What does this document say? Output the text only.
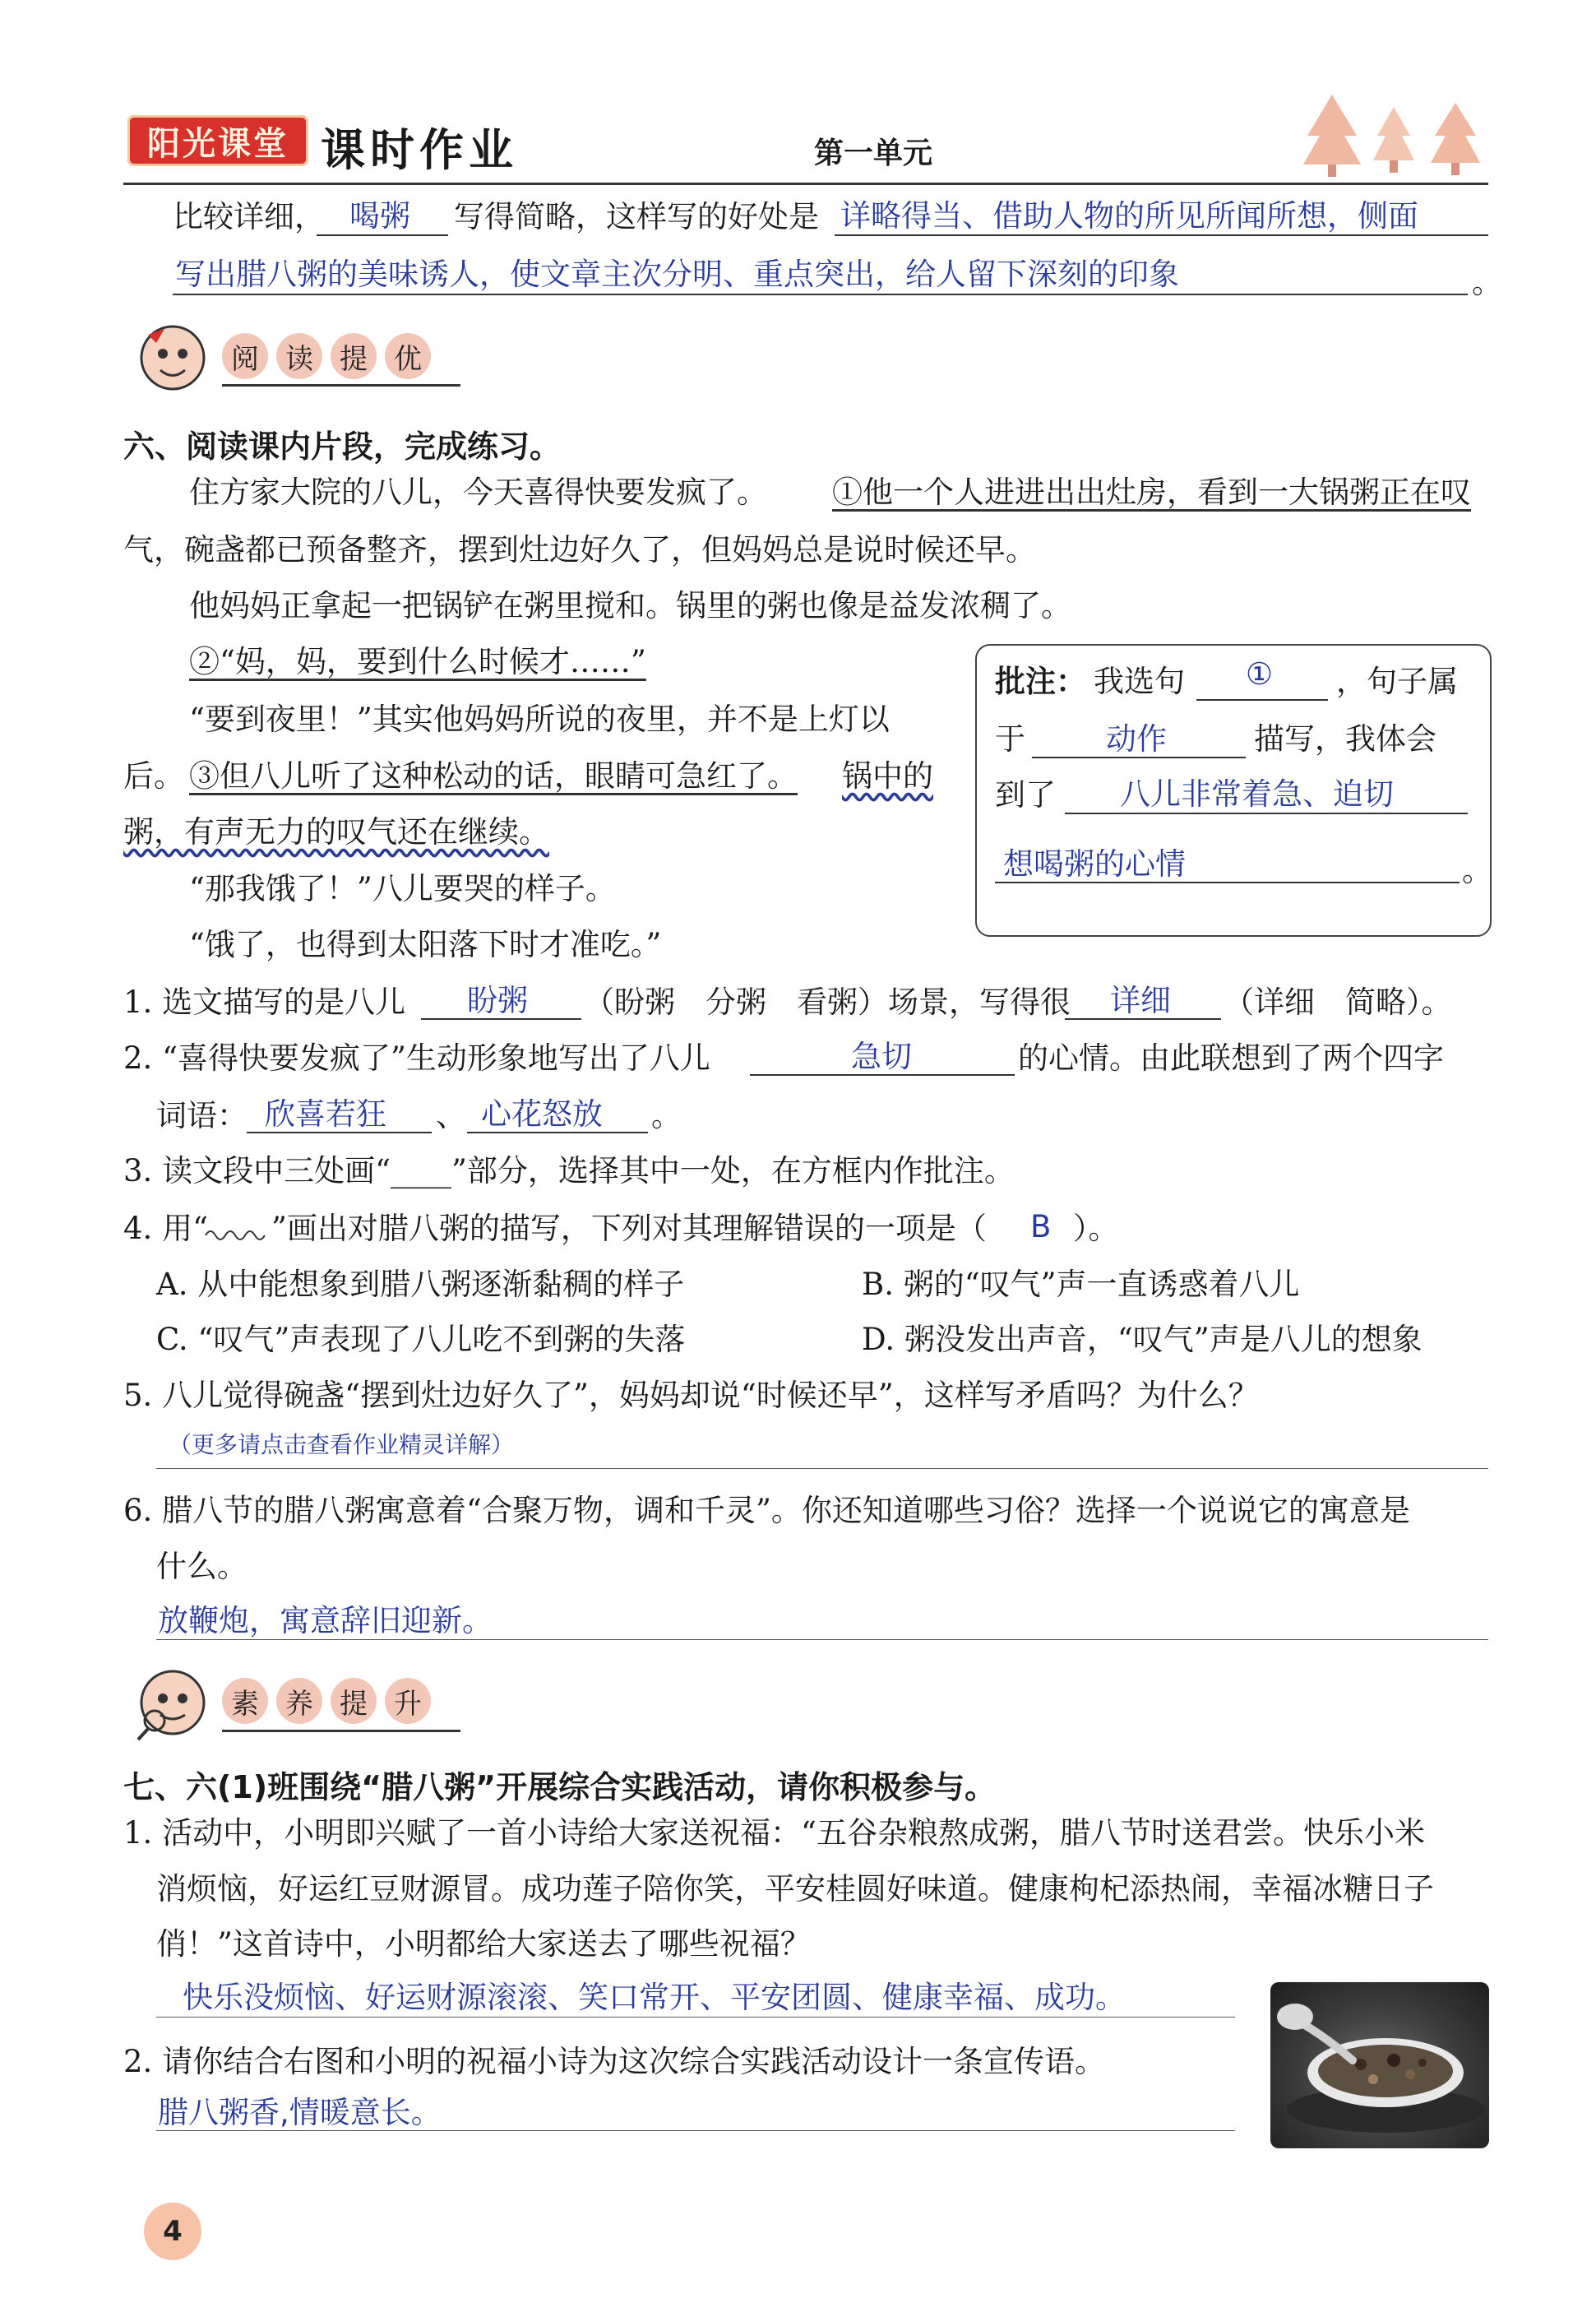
阳光课堂 课时作业	第一单元
比较详细， 喝粥 写得简略，这样写的好处是 详略得当、借助人物的所见所闻所想，侧面
写出腊八粥的美味诱人，使文章主次分明、重点突出，给人留下深刻的印象	。
阅 读 提 优
六、阅读课内片段，完成练习。
住方家大院的八儿，今天喜得快要发疯了。 ①他一个人进进出出灶房，看到一大锅粥正在叹
气，碗盏都已预备整齐，摆到灶边好久了，但妈妈总是说时候还早。
他妈妈正拿起一把锅铲在粥里搅和。锅里的粥也像是益发浓稠了。
②“妈，妈，要到什么时候才……”
“要到夜里！”其实他妈妈所说的夜里，并不是上灯以
后。 ③但八儿听了这种松动的话，眼睛可急红了。 锅中的
粥，有声无力的叹气还在继续。
“那我饿了！”八儿要哭的样子。
“饿了，也得到太阳落下时才准吃。”
批注： 我选句 ① ，句子属
于	动作	描写，我体会
到了 八儿非常着急、迫切
想喝粥的心情	。
1. 选文描写的是八儿 盼粥 （盼粥　分粥　看粥）场景，写得很 详细 （详细　简略）。
2. “喜得快要发疯了”生动形象地写出了八儿	急切	的心情。由此联想到了两个四字
词语： 欣喜若狂 、 心花怒放 。
3. 读文段中三处画“____”部分，选择其中一处，在方框内作批注。
4. 用“ ”画出对腊八粥的描写，下列对其理解错误的一项是（ B ）。
A. 从中能想象到腊八粥逐渐黏稠的样子	B. 粥的“叹气”声一直诱惑着八儿
C. “叹气”声表现了八儿吃不到粥的失落	D. 粥没发出声音，“叹气”声是八儿的想象
5. 八儿觉得碗盏“摆到灶边好久了”，妈妈却说“时候还早”，这样写矛盾吗？为什么？
（更多请点击查看作业精灵详解）
6. 腊八节的腊八粥寓意着“合聚万物，调和千灵”。你还知道哪些习俗？选择一个说说它的寓意是
什么。
放鞭炮，寓意辞旧迎新。
素 养 提 升
七、六(1)班围绕“腊八粥”开展综合实践活动，请你积极参与。
1. 活动中，小明即兴赋了一首小诗给大家送祝福：“五谷杂粮熬成粥，腊八节时送君尝。快乐小米
消烦恼，好运红豆财源冒。成功莲子陪你笑，平安桂圆好味道。健康枸杞添热闹，幸福冰糖日子
俏！”这首诗中，小明都给大家送去了哪些祝福？
快乐没烦恼、好运财源滚滚、笑口常开、平安团圆、健康幸福、成功。
2. 请你结合右图和小明的祝福小诗为这次综合实践活动设计一条宣传语。
腊八粥香,情暖意长。
4
